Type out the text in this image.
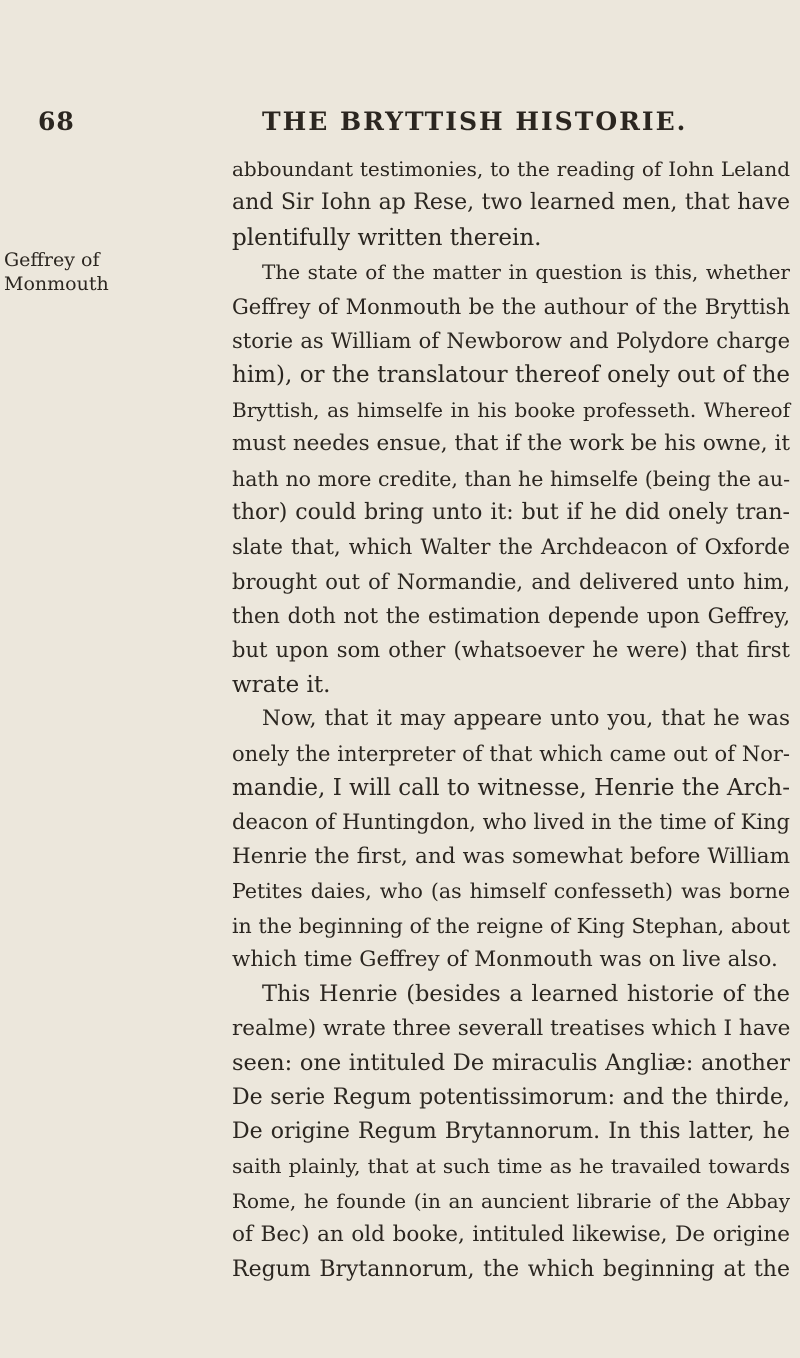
68	THE BRYTTISH HISTORIE.
Geffrey of
Monmouth
abboundant testimonies, to the reading of Iohn Leland
and Sir Iohn ap Rese, two learned men, that have
plentifully written therein.
The state of the matter in question is this, whether
Geffrey of Monmouth be the authour of the Bryttish
storie as William of Newborow and Polydore charge
him), or the translatour thereof onely out of the
Bryttish, as himselfe in his booke professeth. Whereof
must needes ensue, that if the work be his owne, it
hath no more credite, than he himselfe (being the au-
thor) could bring unto it: but if he did onely tran-
slate that, which Walter the Archdeacon of Oxforde
brought out of Normandie, and delivered unto him,
then doth not the estimation depende upon Geffrey,
but upon som other (whatsoever he were) that first
wrate it.
Now, that it may appeare unto you, that he was
onely the interpreter of that which came out of Nor-
mandie, I will call to witnesse, Henrie the Arch-
deacon of Huntingdon, who lived in the time of King
Henrie the first, and was somewhat before William
Petites daies, who (as himself confesseth) was borne
in the beginning of the reigne of King Stephan, about
which time Geffrey of Monmouth was on live also.
This Henrie (besides a learned historie of the
realme) wrate three severall treatises which I have
seen: one intituled De miraculis Angliæ: another
De serie Regum potentissimorum: and the thirde,
De origine Regum Brytannorum. In this latter, he
saith plainly, that at such time as he travailed towards
Rome, he founde (in an auncient librarie of the Abbay
of Bec) an old booke, intituled likewise, De origine
Regum Brytannorum, the which beginning at the
